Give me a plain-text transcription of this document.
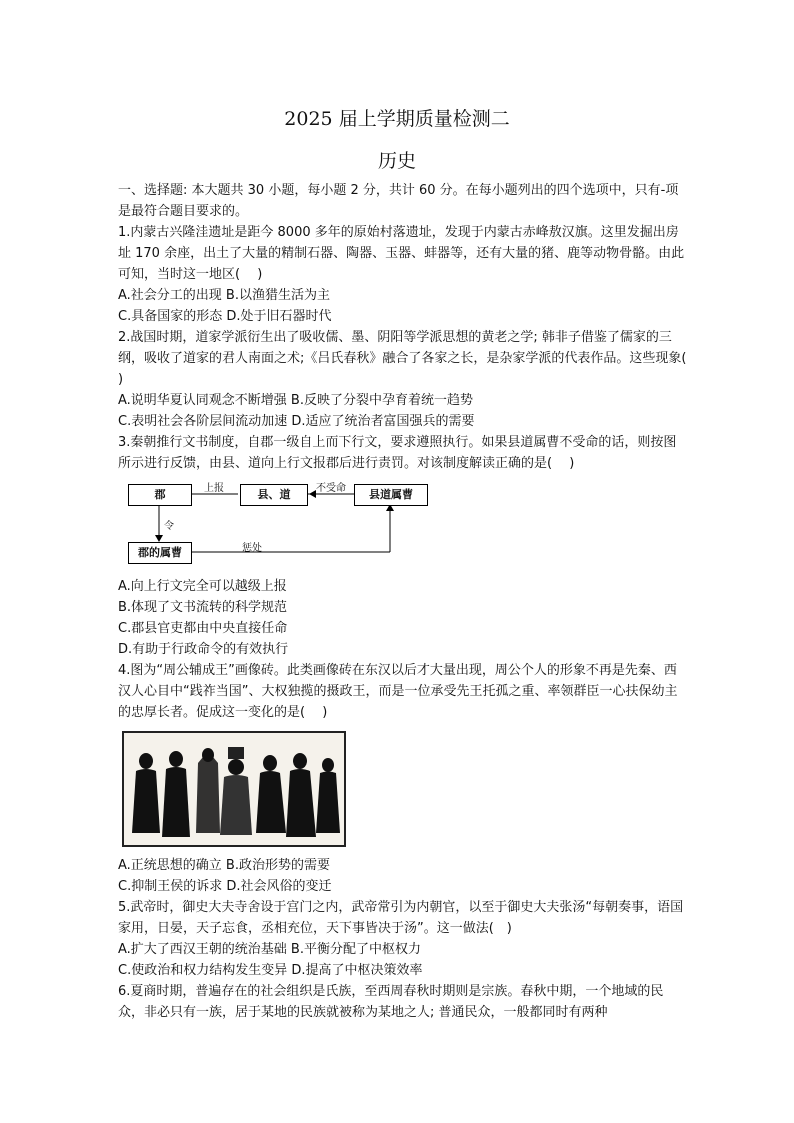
2025 届上学期质量检测二
历史

一、选择题: 本大题共 30 小题，每小题 2 分，共计 60 分。在每小题列出的四个选项中，只有-项是最符合题目要求的。

1.内蒙古兴隆洼遗址是距今 8000 多年的原始村落遗址，发现于内蒙古赤峰敖汉旗。这里发掘出房址 170 余座，出土了大量的精制石器、陶器、玉器、蚌器等，还有大量的猪、鹿等动物骨骼。由此可知，当时这一地区(　 )

A.社会分工的出现 B.以渔猎生活为主

C.具备国家的形态 D.处于旧石器时代

2.战国时期，道家学派衍生出了吸收儒、墨、阴阳等学派思想的黄老之学; 韩非子借鉴了儒家的三纲，吸收了道家的君人南面之术;《吕氏春秋》融合了各家之长，是杂家学派的代表作品。这些现象(　 )

A.说明华夏认同观念不断增强 B.反映了分裂中孕育着统一趋势

C.表明社会各阶层间流动加速 D.适应了统治者富国强兵的需要

3.秦朝推行文书制度，自郡一级自上而下行文，要求遵照执行。如果县道属曹不受命的话，则按图所示进行反馈，由县、道向上行文报郡后进行责罚。对该制度解读正确的是(　 )

郡	县、道	县道属曹
郡的属曹
上报	不受命
令
惩处

A.向上行文完全可以越级上报

B.体现了文书流转的科学规范

C.郡县官吏都由中央直接任命

D.有助于行政命令的有效执行

4.图为“周公辅成王”画像砖。此类画像砖在东汉以后才大量出现，周公个人的形象不再是先秦、西汉人心目中“践祚当国”、大权独揽的摄政王，而是一位承受先王托孤之重、率领群臣一心扶保幼主的忠厚长者。促成这一变化的是(　 )

A.正统思想的确立 B.政治形势的需要

C.抑制王侯的诉求 D.社会风俗的变迁

5.武帝时，御史大夫寺舍设于宫门之内，武帝常引为内朝官，以至于御史大夫张汤“每朝奏事，语国家用，日晏，天子忘食，丞相充位，天下事皆决于汤”。这一做法(　)

A.扩大了西汉王朝的统治基础 B.平衡分配了中枢权力

C.使政治和权力结构发生变异 D.提高了中枢决策效率

6.夏商时期，普遍存在的社会组织是氏族，至西周春秋时期则是宗族。春秋中期，一个地域的民众，非必只有一族，居于某地的民族就被称为某地之人; 普通民众，一般都同时有两种
